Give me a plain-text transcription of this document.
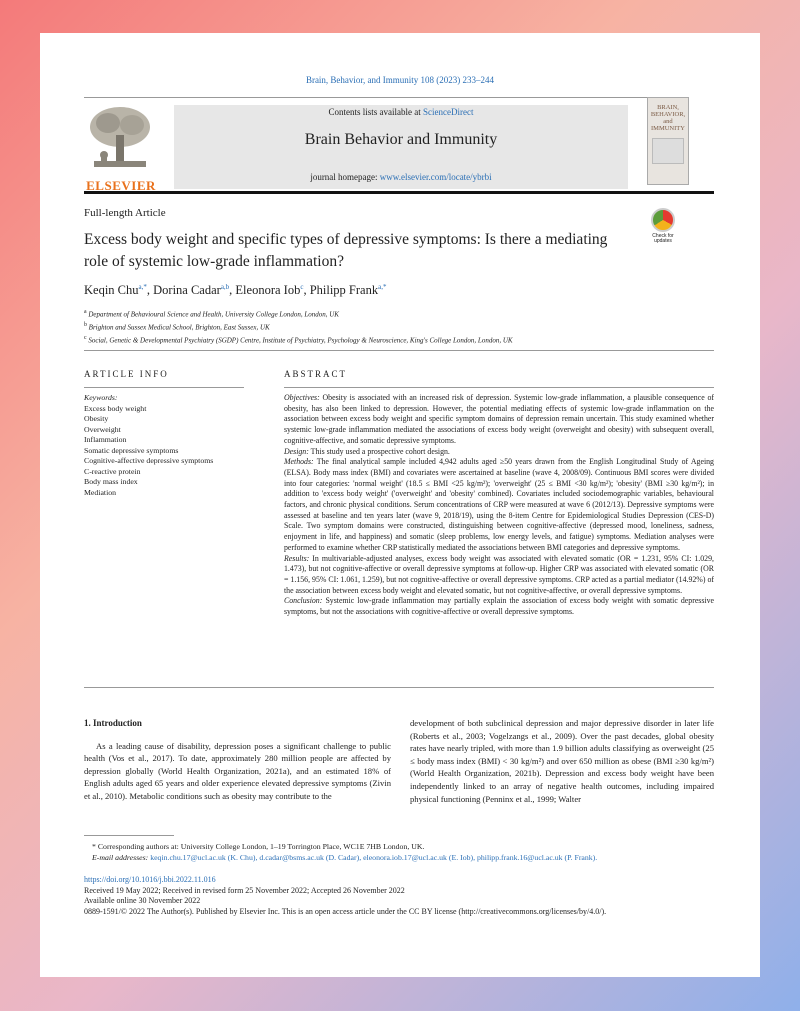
Brain, Behavior, and Immunity 108 (2023) 233–244
ELSEVIER
Contents lists available at ScienceDirect
Brain Behavior and Immunity
journal homepage: www.elsevier.com/locate/ybrbi
BRAIN, BEHAVIOR, and IMMUNITY
Full-length Article
Check for updates
Excess body weight and specific types of depressive symptoms: Is there a mediating role of systemic low-grade inflammation?
Keqin Chu$^{a,*}$, Dorina Cadar$^{a,b}$, Eleonora Iob$^c$, Philipp Frank$^{a,*}$
$^a$ Department of Behavioural Science and Health, University College London, London, UK
$^b$ Brighton and Sussex Medical School, Brighton, East Sussex, UK
$^c$ Social, Genetic & Developmental Psychiatry (SGDP) Centre, Institute of Psychiatry, Psychology & Neuroscience, King's College London, London, UK
ARTICLE INFO	ABSTRACT
Keywords:
Excess body weight
Obesity
Overweight
Inflammation
Somatic depressive symptoms
Cognitive-affective depressive symptoms
C-reactive protein
Body mass index
Mediation

Objectives: Obesity is associated with an increased risk of depression. Systemic low-grade inflammation, a plausible consequence of obesity, has also been linked to depression. However, the potential mediating effects of systemic low-grade inflammation on the association between excess body weight and specific symptom domains of depression remain uncertain. This study examined whether systemic low-grade inflammation mediated the associations of excess body weight (overweight and obesity) with subsequent overall, cognitive-affective, and somatic depressive symptoms.

Design: This study used a prospective cohort design.

Methods: The final analytical sample included 4,942 adults aged ≥50 years drawn from the English Longitudinal Study of Ageing (ELSA). Body mass index (BMI) and covariates were ascertained at baseline (wave 4, 2008/09). Continuous BMI scores were divided into four categories: 'normal weight' (18.5 ≤ BMI <25 kg/m²); 'overweight' (25 ≤ BMI <30 kg/m²); 'obesity' (BMI ≥30 kg/m²); in addition to 'excess body weight' ('overweight' and 'obesity' combined). Covariates included sociodemographic variables, behavioural factors, and chronic physical conditions. Serum concentrations of CRP were measured at wave 6 (2012/13). Depressive symptoms were assessed at baseline and ten years later (wave 9, 2018/19), using the 8-item Centre for Epidemiological Studies Depression (CES-D) Scale. Two symptom domains were constructed, distinguishing between cognitive-affective (depressed mood, loneliness, sadness, enjoyment in life, and happiness) and somatic (sleep problems, low energy levels, and fatigue) symptoms. Mediation analyses were performed to examine whether CRP statistically mediated the associations between BMI categories and depressive symptoms.

Results: In multivariable-adjusted analyses, excess body weight was associated with elevated somatic (OR = 1.231, 95% CI: 1.029, 1.473), but not cognitive-affective or overall depressive symptoms at follow-up. Higher CRP was associated with elevated somatic (OR = 1.156, 95% CI: 1.061, 1.259), but not cognitive-affective or overall depressive symptoms. CRP acted as a partial mediator (14.92%) of the association between excess body weight and elevated somatic, but not cognitive-affective, or overall depressive symptoms.

Conclusion: Systemic low-grade inflammation may partially explain the association of excess body weight with somatic depressive symptoms, but not the associations with cognitive-affective or overall depressive symptoms.

1. Introduction

As a leading cause of disability, depression poses a significant challenge to public health (Vos et al., 2017). To date, approximately 280 million people are affected by depression globally (World Health Organization, 2021a), and an estimated 18% of English adults aged 65 years and older experience elevated depressive symptoms (Zivin et al., 2010). Metabolic conditions such as obesity may contribute to the

development of both subclinical depression and major depressive disorder in later life (Roberts et al., 2003; Vogelzangs et al., 2009). Over the past decades, global obesity rates have nearly tripled, with more than 1.9 billion adults classifying as overweight (25 ≤ body mass index (BMI) < 30 kg/m²) and over 650 million as obese (BMI ≥30 kg/m²) (World Health Organization, 2021b). Depression and excess body weight have been independently linked to an array of negative health outcomes, including impaired physical functioning (Penninx et al., 1999; Walter

* Corresponding authors at: University College London, 1–19 Torrington Place, WC1E 7HB London, UK.
E-mail addresses: keqin.chu.17@ucl.ac.uk (K. Chu), d.cadar@bsms.ac.uk (D. Cadar), eleonora.iob.17@ucl.ac.uk (E. Iob), philipp.frank.16@ucl.ac.uk (P. Frank).
https://doi.org/10.1016/j.bbi.2022.11.016
Received 19 May 2022; Received in revised form 25 November 2022; Accepted 26 November 2022
Available online 30 November 2022
0889-1591/© 2022 The Author(s). Published by Elsevier Inc. This is an open access article under the CC BY license (http://creativecommons.org/licenses/by/4.0/).
